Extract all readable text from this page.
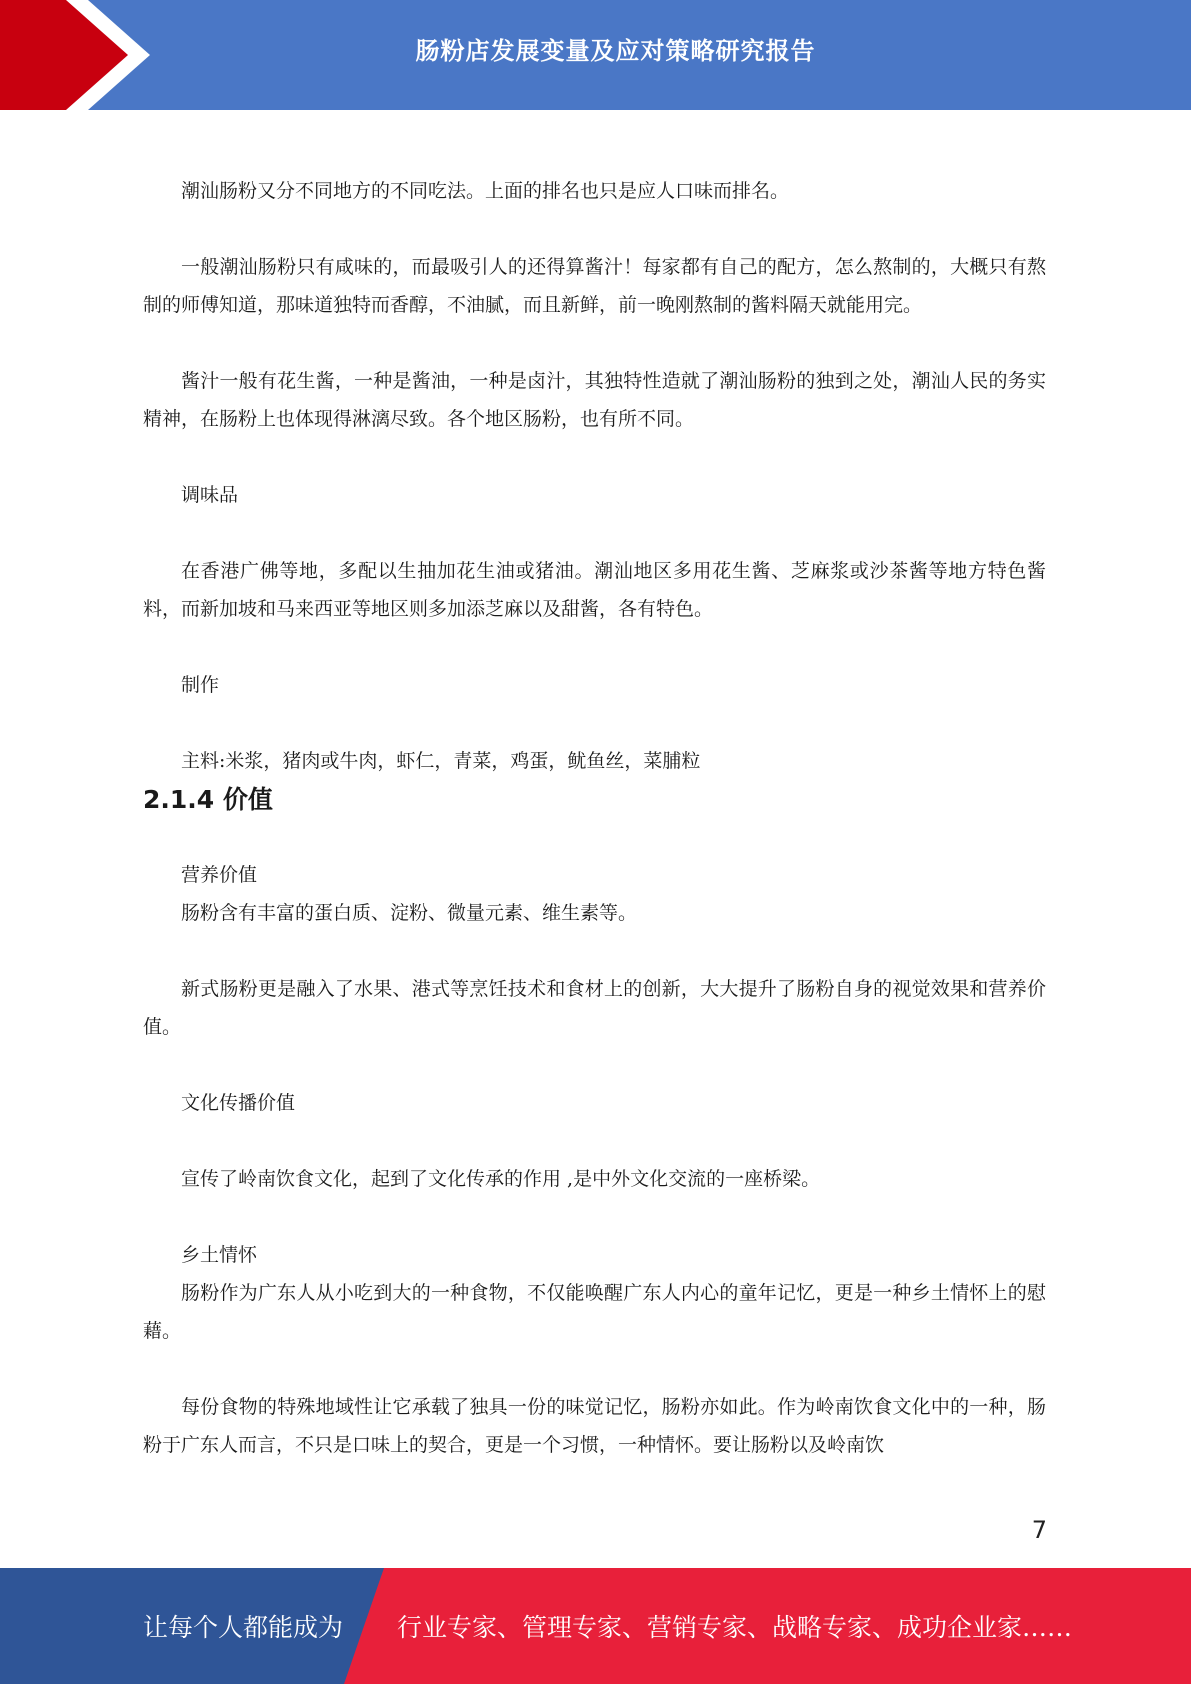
肠粉店发展变量及应对策略研究报告

潮汕肠粉又分不同地方的不同吃法。上面的排名也只是应人口味而排名。

一般潮汕肠粉只有咸味的，而最吸引人的还得算酱汁！每家都有自己的配方，怎么熬制的，大概只有熬制的师傅知道，那味道独特而香醇，不油腻，而且新鲜，前一晚刚熬制的酱料隔天就能用完。

酱汁一般有花生酱，一种是酱油，一种是卤汁，其独特性造就了潮汕肠粉的独到之处，潮汕人民的务实精神，在肠粉上也体现得淋漓尽致。各个地区肠粉，也有所不同。

调味品

在香港广佛等地，多配以生抽加花生油或猪油。潮汕地区多用花生酱、芝麻浆或沙茶酱等地方特色酱料，而新加坡和马来西亚等地区则多加添芝麻以及甜酱，各有特色。

制作

主料:米浆，猪肉或牛肉，虾仁，青菜，鸡蛋，鱿鱼丝，菜脯粒

2.1.4 价值

营养价值

肠粉含有丰富的蛋白质、淀粉、微量元素、维生素等。

新式肠粉更是融入了水果、港式等烹饪技术和食材上的创新，大大提升了肠粉自身的视觉效果和营养价值。

文化传播价值

宣传了岭南饮食文化，起到了文化传承的作用 ,是中外文化交流的一座桥梁。

乡土情怀

肠粉作为广东人从小吃到大的一种食物，不仅能唤醒广东人内心的童年记忆，更是一种乡土情怀上的慰藉。

每份食物的特殊地域性让它承载了独具一份的味觉记忆，肠粉亦如此。作为岭南饮食文化中的一种，肠粉于广东人而言，不只是口味上的契合，更是一个习惯，一种情怀。要让肠粉以及岭南饮

7
让每个人都能成为 行业专家、管理专家、营销专家、战略专家、成功企业家……
